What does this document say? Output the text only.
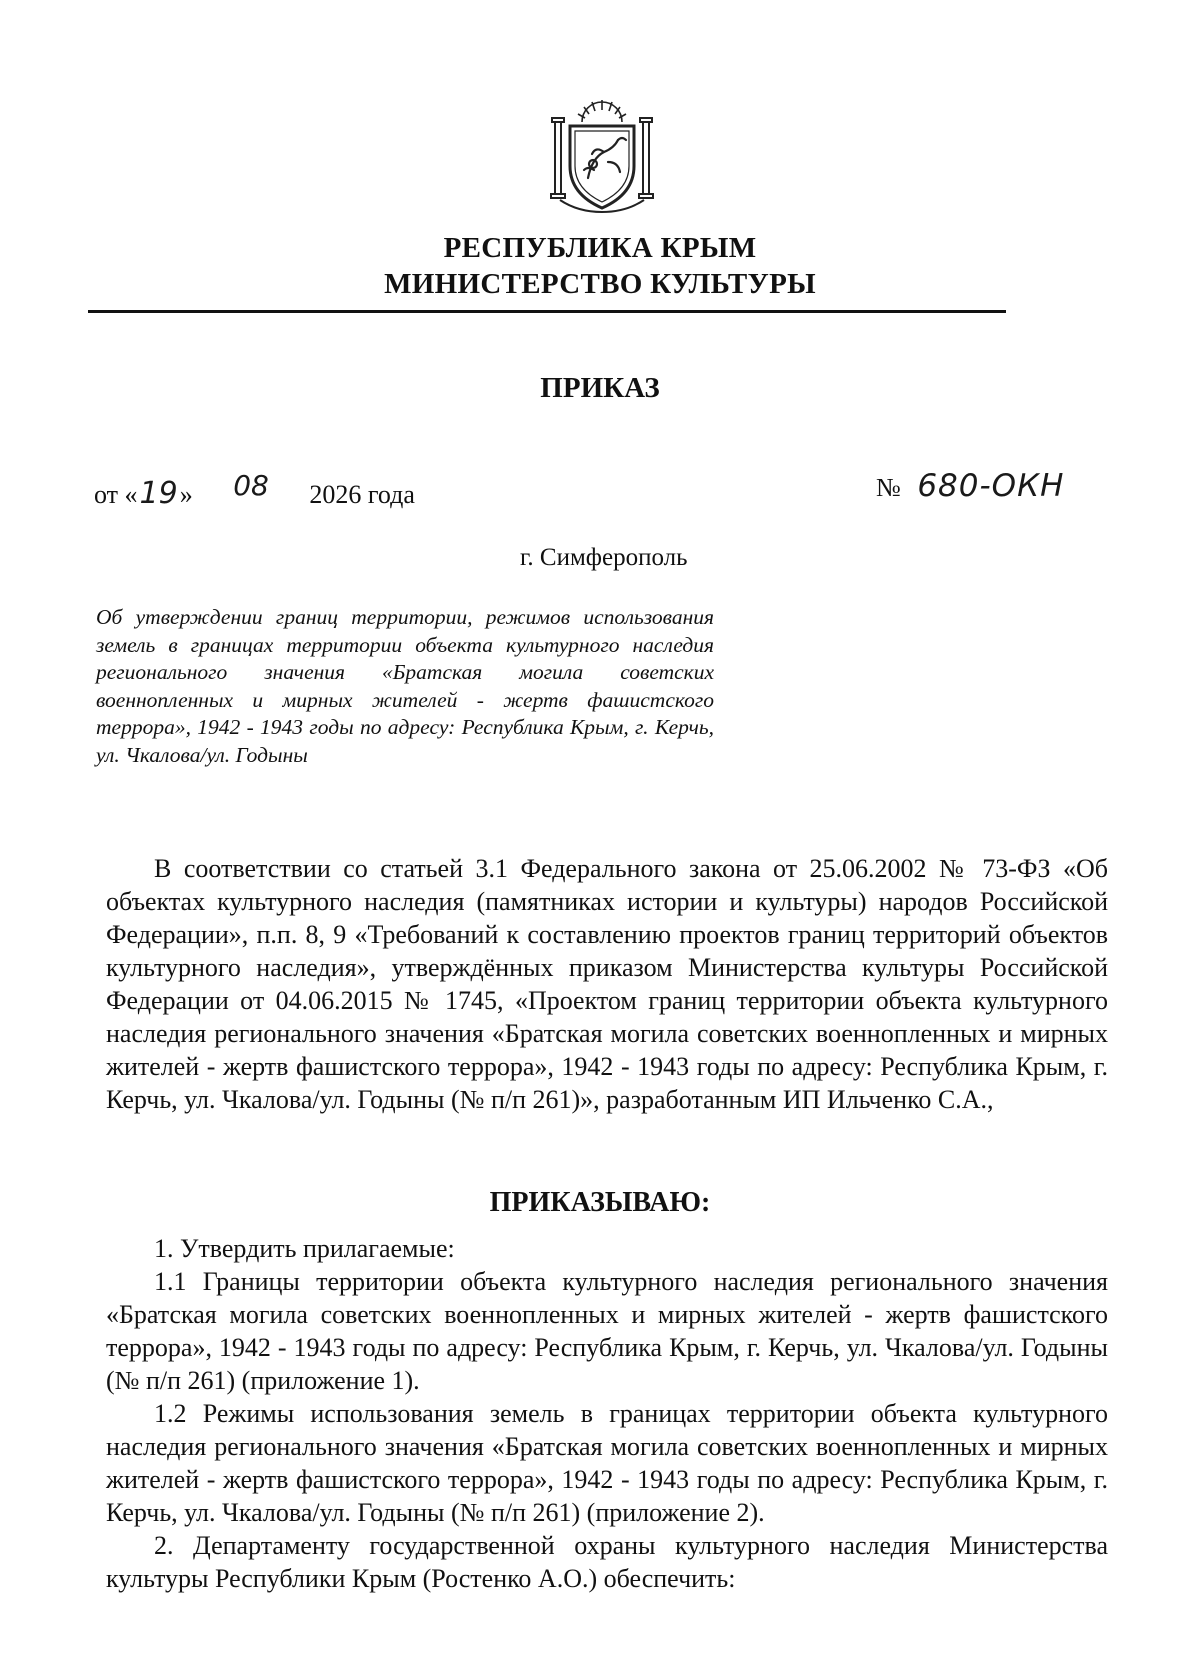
РЕСПУБЛИКА КРЫМ
МИНИСТЕРСТВО КУЛЬТУРЫ
ПРИКАЗ
от «19» 08 2026 года	№ 680-ОКН
г. Симферополь
Об утверждении границ территории, режимов использования земель в границах территории объекта культурного наследия регионального значения «Братская могила советских военнопленных и мирных жителей - жертв фашистского террора», 1942 - 1943 годы по адресу: Республика Крым, г. Керчь, ул. Чкалова/ул. Годыны

В соответствии со статьей 3.1 Федерального закона от 25.06.2002 № 73-ФЗ «Об объектах культурного наследия (памятниках истории и культуры) народов Российской Федерации», п.п. 8, 9 «Требований к составлению проектов границ территорий объектов культурного наследия», утверждённых приказом Министерства культуры Российской Федерации от 04.06.2015 № 1745, «Проектом границ территории объекта культурного наследия регионального значения «Братская могила советских военнопленных и мирных жителей - жертв фашистского террора», 1942 - 1943 годы по адресу: Республика Крым, г. Керчь, ул. Чкалова/ул. Годыны (№ п/п 261)», разработанным ИП Ильченко С.А.,

ПРИКАЗЫВАЮ:

1. Утвердить прилагаемые:

1.1 Границы территории объекта культурного наследия регионального значения «Братская могила советских военнопленных и мирных жителей - жертв фашистского террора», 1942 - 1943 годы по адресу: Республика Крым, г. Керчь, ул. Чкалова/ул. Годыны (№ п/п 261) (приложение 1).

1.2 Режимы использования земель в границах территории объекта культурного наследия регионального значения «Братская могила советских военнопленных и мирных жителей - жертв фашистского террора», 1942 - 1943 годы по адресу: Республика Крым, г. Керчь, ул. Чкалова/ул. Годыны (№ п/п 261) (приложение 2).

2. Департаменту государственной охраны культурного наследия Министерства культуры Республики Крым (Ростенко А.О.) обеспечить:
